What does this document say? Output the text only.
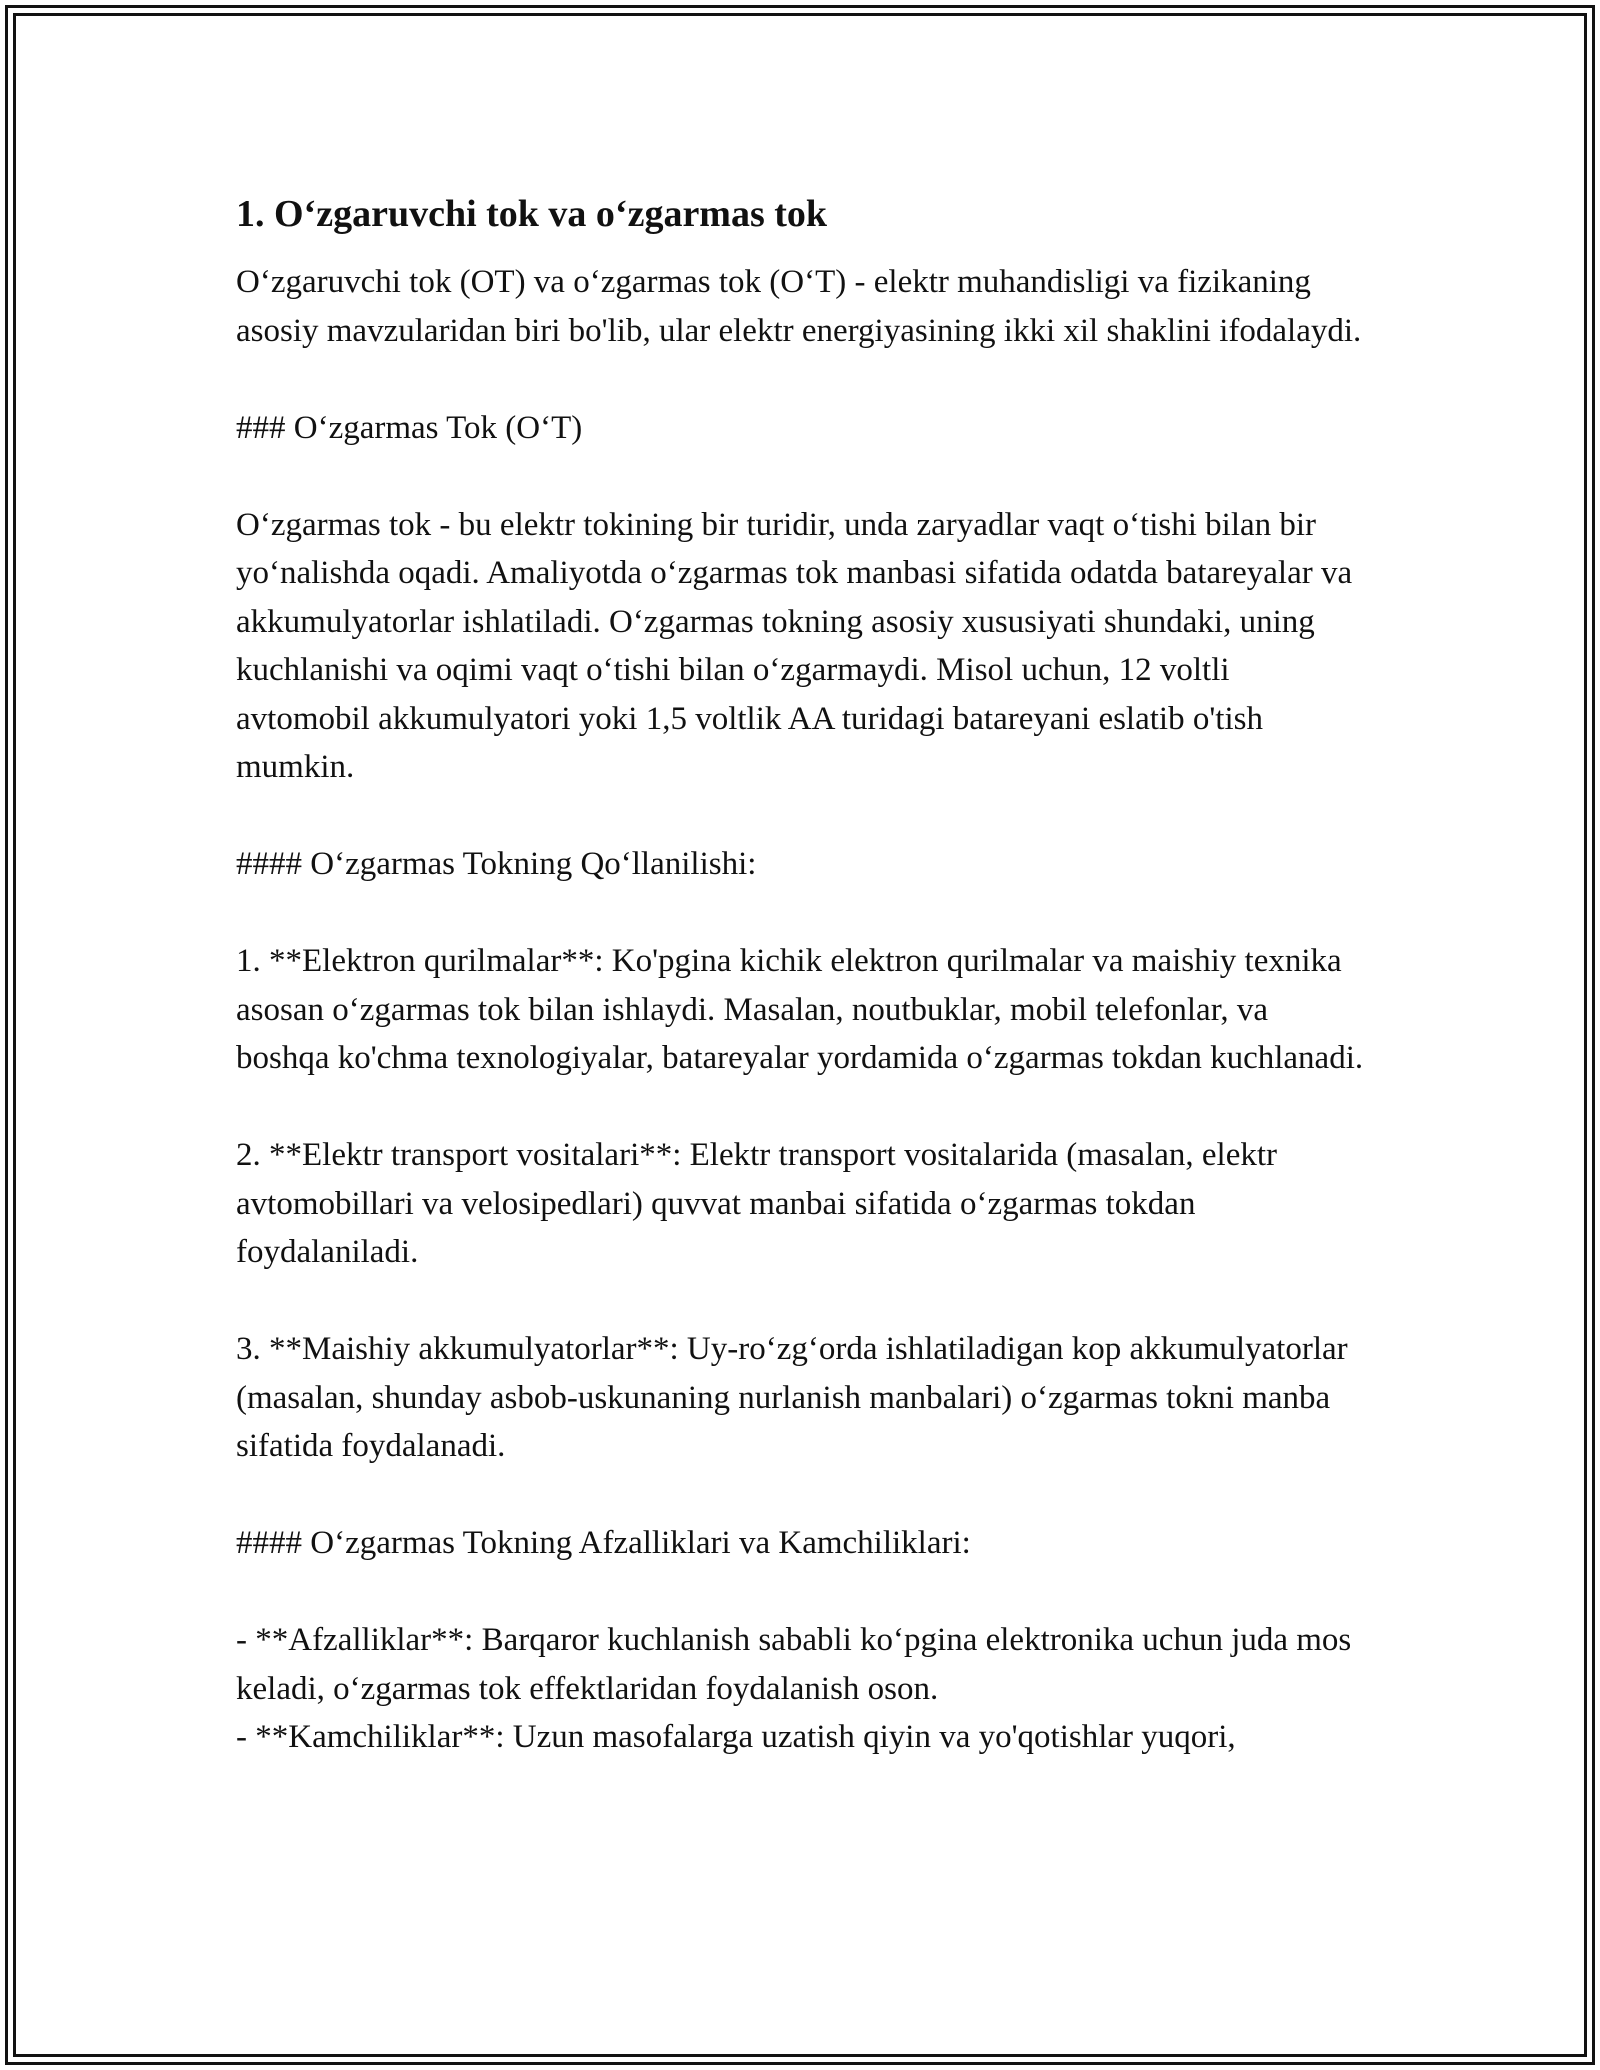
1. O‘zgaruvchi tok va o‘zgarmas tok

O‘zgaruvchi tok (OT) va o‘zgarmas tok (O‘T) - elektr muhandisligi va fizikaning asosiy mavzularidan biri bo'lib, ular elektr energiyasining ikki xil shaklini ifodalaydi.

### O‘zgarmas Tok (O‘T)

O‘zgarmas tok - bu elektr tokining bir turidir, unda zaryadlar vaqt o‘tishi bilan bir yo‘nalishda oqadi. Amaliyotda o‘zgarmas tok manbasi sifatida odatda batareyalar va akkumulyatorlar ishlatiladi. O‘zgarmas tokning asosiy xususiyati shundaki, uning kuchlanishi va oqimi vaqt o‘tishi bilan o‘zgarmaydi. Misol uchun, 12 voltli avtomobil akkumulyatori yoki 1,5 voltlik AA turidagi batareyani eslatib o'tish mumkin.

#### O‘zgarmas Tokning Qo‘llanilishi:

1. **Elektron qurilmalar**: Ko'pgina kichik elektron qurilmalar va maishiy texnika asosan o‘zgarmas tok bilan ishlaydi. Masalan, noutbuklar, mobil telefonlar, va boshqa ko'chma texnologiyalar, batareyalar yordamida o‘zgarmas tokdan kuchlanadi.

2. **Elektr transport vositalari**: Elektr transport vositalarida (masalan, elektr avtomobillari va velosipedlari) quvvat manbai sifatida o‘zgarmas tokdan foydalaniladi.

3. **Maishiy akkumulyatorlar**: Uy-ro‘zg‘orda ishlatiladigan kop akkumulyatorlar (masalan, shunday asbob-uskunaning nurlanish manbalari) o‘zgarmas tokni manba sifatida foydalanadi.

#### O‘zgarmas Tokning Afzalliklari va Kamchiliklari:

- **Afzalliklar**: Barqaror kuchlanish sababli ko‘pgina elektronika uchun juda mos keladi, o‘zgarmas tok effektlaridan foydalanish oson.

- **Kamchiliklar**: Uzun masofalarga uzatish qiyin va yo'qotishlar yuqori,
